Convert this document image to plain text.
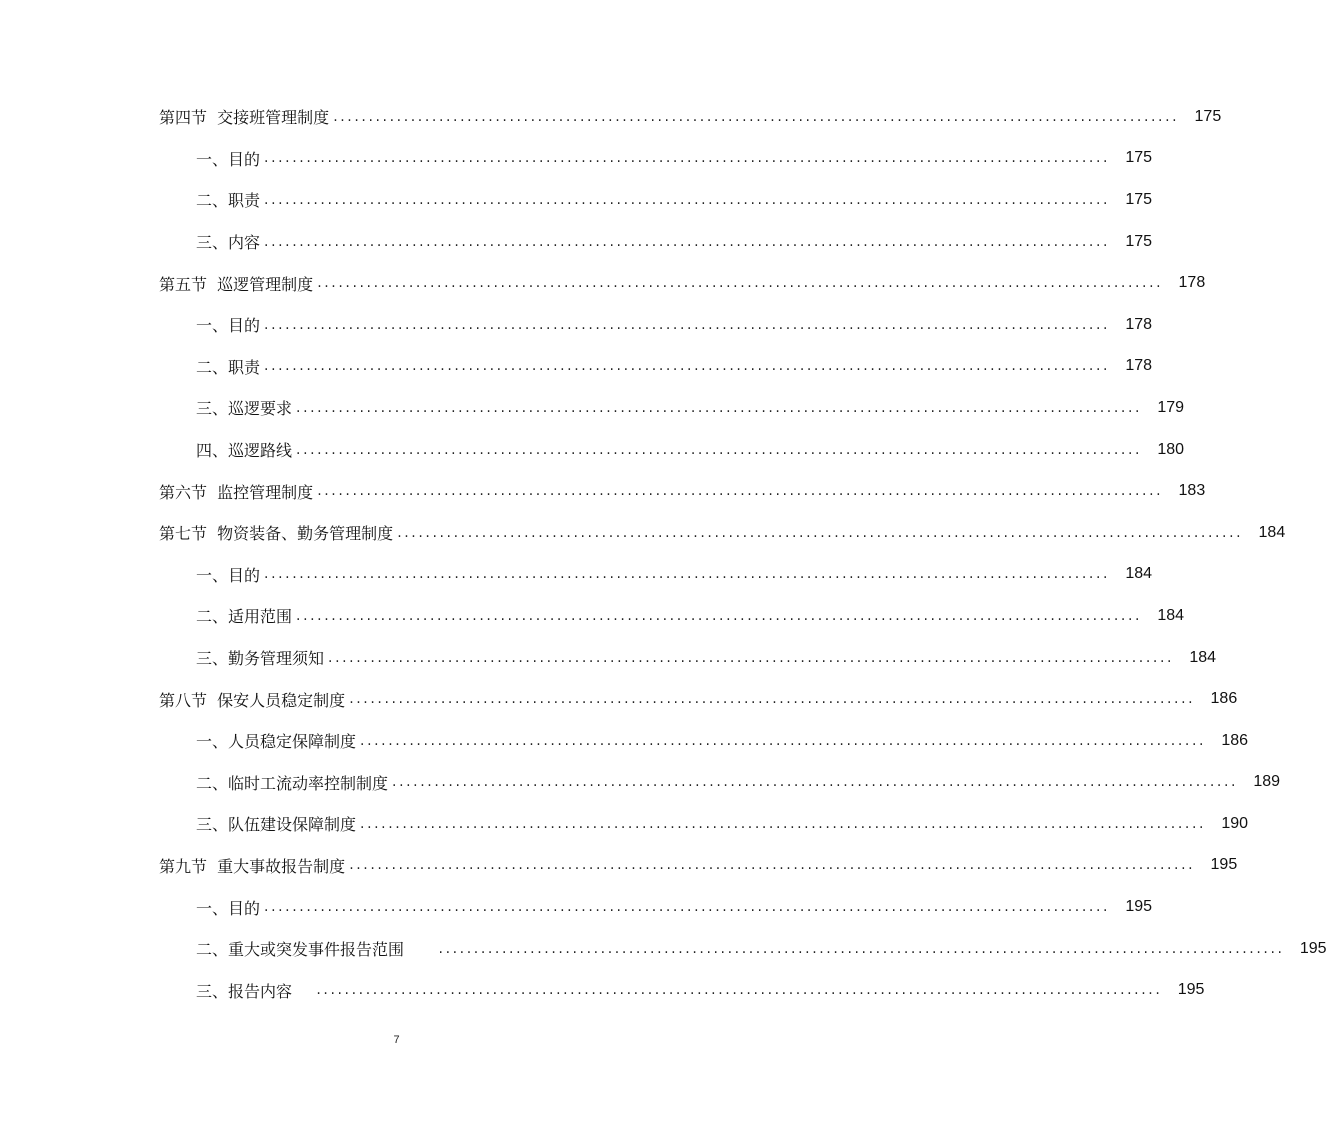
第四节  交接班管理制度 ........................................................................................................................ 175
一、目的 ........................................................................................................................ 175
二、职责 ........................................................................................................................ 175
三、内容 ........................................................................................................................ 175
第五节  巡逻管理制度 ........................................................................................................................ 178
一、目的 ........................................................................................................................ 178
二、职责 ........................................................................................................................ 178
三、巡逻要求 ........................................................................................................................ 179
四、巡逻路线 ........................................................................................................................ 180
第六节  监控管理制度 ........................................................................................................................ 183
第七节  物资装备、勤务管理制度 ........................................................................................................................ 184
一、目的 ........................................................................................................................ 184
二、适用范围 ........................................................................................................................ 184
三、勤务管理须知 ........................................................................................................................ 184
第八节  保安人员稳定制度 ........................................................................................................................ 186
一、人员稳定保障制度 ........................................................................................................................ 186
二、临时工流动率控制制度 ........................................................................................................................ 189
三、队伍建设保障制度 ........................................................................................................................ 190
第九节  重大事故报告制度 ........................................................................................................................ 195
一、目的 ........................................................................................................................ 195
二、重大或突发事件报告范围 ........................................................................................................................ 195
三、报告内容 ........................................................................................................................ 195
7
